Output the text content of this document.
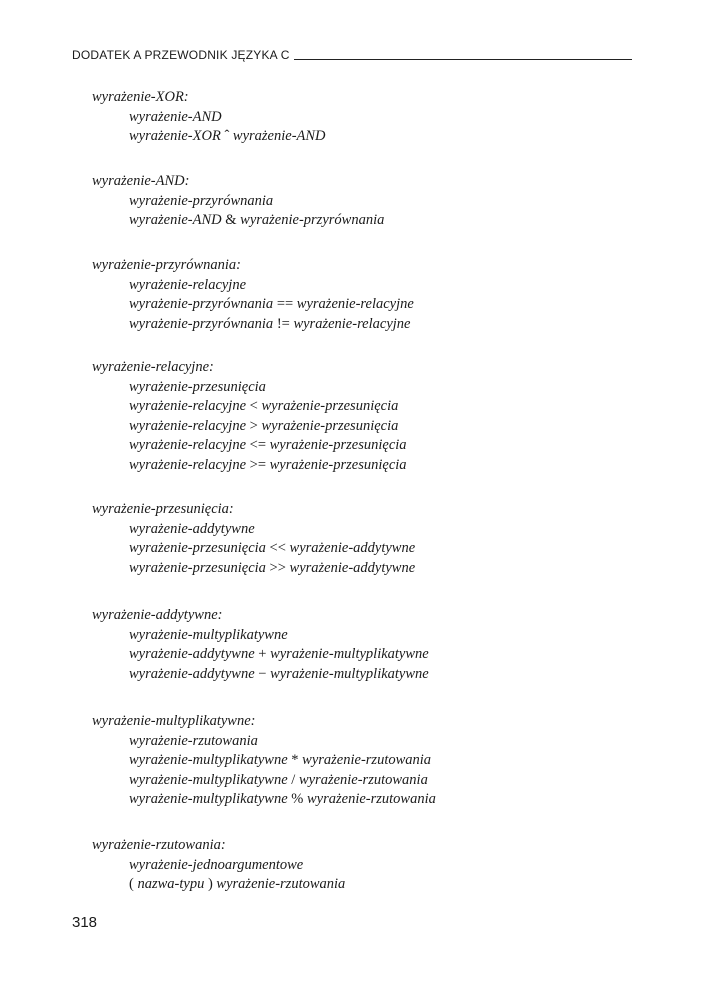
DODATEK A PRZEWODNIK JĘZYKA C
wyrażenie-XOR:
wyrażenie-AND
wyrażenie-XOR ˆ wyrażenie-AND
wyrażenie-AND:
wyrażenie-przyrównania
wyrażenie-AND & wyrażenie-przyrównania
wyrażenie-przyrównania:
wyrażenie-relacyjne
wyrażenie-przyrównania == wyrażenie-relacyjne
wyrażenie-przyrównania != wyrażenie-relacyjne
wyrażenie-relacyjne:
wyrażenie-przesunięcia
wyrażenie-relacyjne < wyrażenie-przesunięcia
wyrażenie-relacyjne > wyrażenie-przesunięcia
wyrażenie-relacyjne <= wyrażenie-przesunięcia
wyrażenie-relacyjne >= wyrażenie-przesunięcia
wyrażenie-przesunięcia:
wyrażenie-addytywne
wyrażenie-przesunięcia << wyrażenie-addytywne
wyrażenie-przesunięcia >> wyrażenie-addytywne
wyrażenie-addytywne:
wyrażenie-multyplikatywne
wyrażenie-addytywne + wyrażenie-multyplikatywne
wyrażenie-addytywne − wyrażenie-multyplikatywne
wyrażenie-multyplikatywne:
wyrażenie-rzutowania
wyrażenie-multyplikatywne * wyrażenie-rzutowania
wyrażenie-multyplikatywne / wyrażenie-rzutowania
wyrażenie-multyplikatywne % wyrażenie-rzutowania
wyrażenie-rzutowania:
wyrażenie-jednoargumentowe
( nazwa-typu ) wyrażenie-rzutowania
318
